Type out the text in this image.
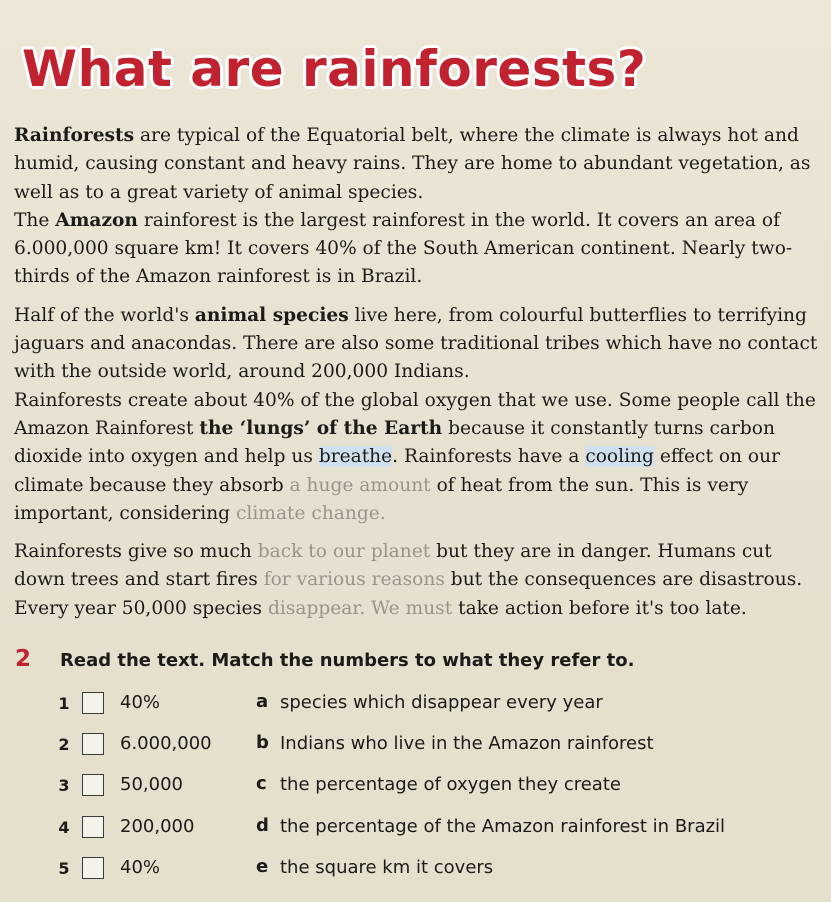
What are rainforests?

Rainforests are typical of the Equatorial belt, where the climate is always hot and humid, causing constant and heavy rains. They are home to abundant vegetation, as well as to a great variety of animal species.

The Amazon rainforest is the largest rainforest in the world. It covers an area of 6.000,000 square km! It covers 40% of the South American continent. Nearly two-thirds of the Amazon rainforest is in Brazil.

Half of the world's animal species live here, from colourful butterflies to terrifying jaguars and anacondas. There are also some traditional tribes which have no contact with the outside world, around 200,000 Indians.

Rainforests create about 40% of the global oxygen that we use. Some people call the Amazon Rainforest the ‘lungs’ of the Earth because it constantly turns carbon dioxide into oxygen and help us breathe. Rainforests have a cooling effect on our climate because they absorb a huge amount of heat from the sun. This is very important, considering climate change.

Rainforests give so much back to our planet but they are in danger. Humans cut down trees and start fires for various reasons but the consequences are disastrous. Every year 50,000 species disappear. We must take action before it's too late.

2 Read the text. Match the numbers to what they refer to.
1	40%	a species which disappear every year
2	6.000,000 b Indians who live in the Amazon rainforest
3	50,000	c the percentage of oxygen they create
4	200,000	d the percentage of the Amazon rainforest in Brazil
5	40%	e the square km it covers
